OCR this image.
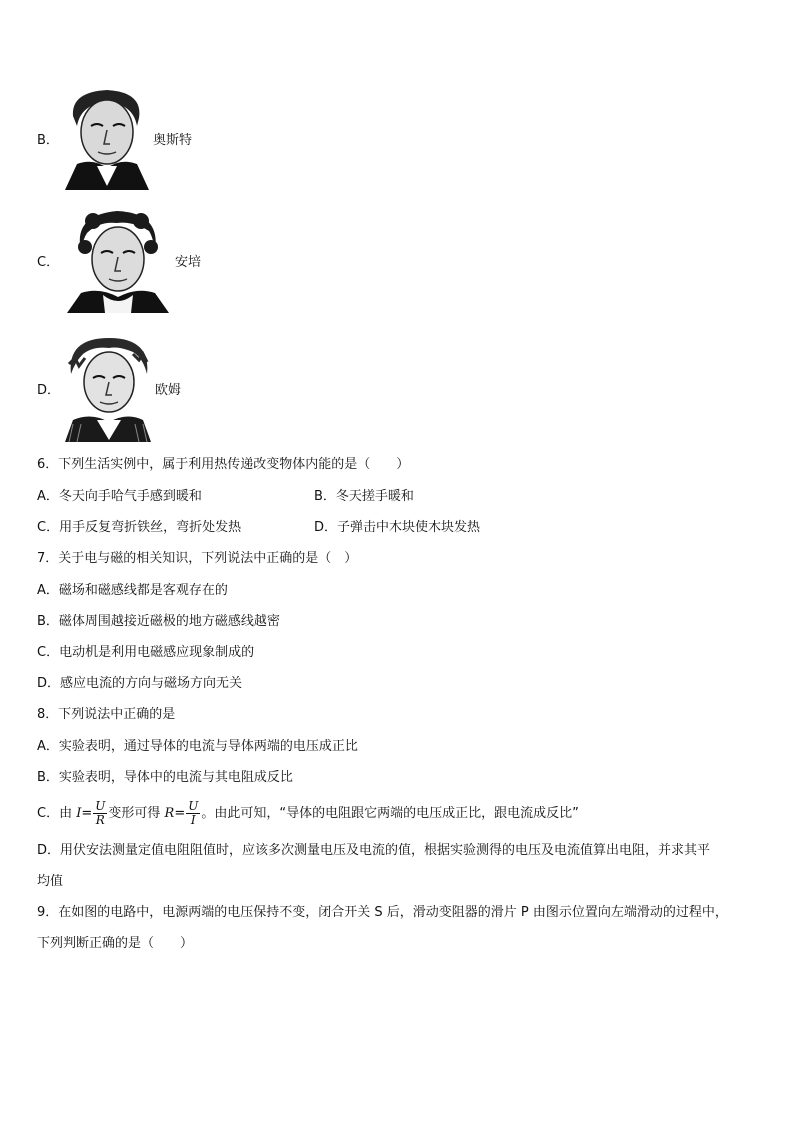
B．	奥斯特
C．	安培
D．	欧姆
6．下列生活实例中，属于利用热传递改变物体内能的是（　　）
A．冬天向手哈气手感到暖和	B．冬天搓手暖和
C．用手反复弯折铁丝，弯折处发热	D．子弹击中木块使木块发热
7．关于电与磁的相关知识，下列说法中正确的是（　）
A．磁场和磁感线都是客观存在的
B．磁体周围越接近磁极的地方磁感线越密
C．电动机是利用电磁感应现象制成的
D．感应电流的方向与磁场方向无关
8．下列说法中正确的是
A．实验表明，通过导体的电流与导体两端的电压成正比
B．实验表明，导体中的电流与其电阻成反比
C．由 $I= \frac{U}{R}$ 变形可得 $R= \frac{U}{I}$ 。由此可知，“导体的电阻跟它两端的电压成正比，跟电流成反比”
D．用伏安法测量定值电阻阻值时，应该多次测量电压及电流的值，根据实验测得的电压及电流值算出电阻，并求其平
均值
9．在如图的电路中，电源两端的电压保持不变，闭合开关 S 后，滑动变阻器的滑片 P 由图示位置向左端滑动的过程中，
下列判断正确的是（　　）
